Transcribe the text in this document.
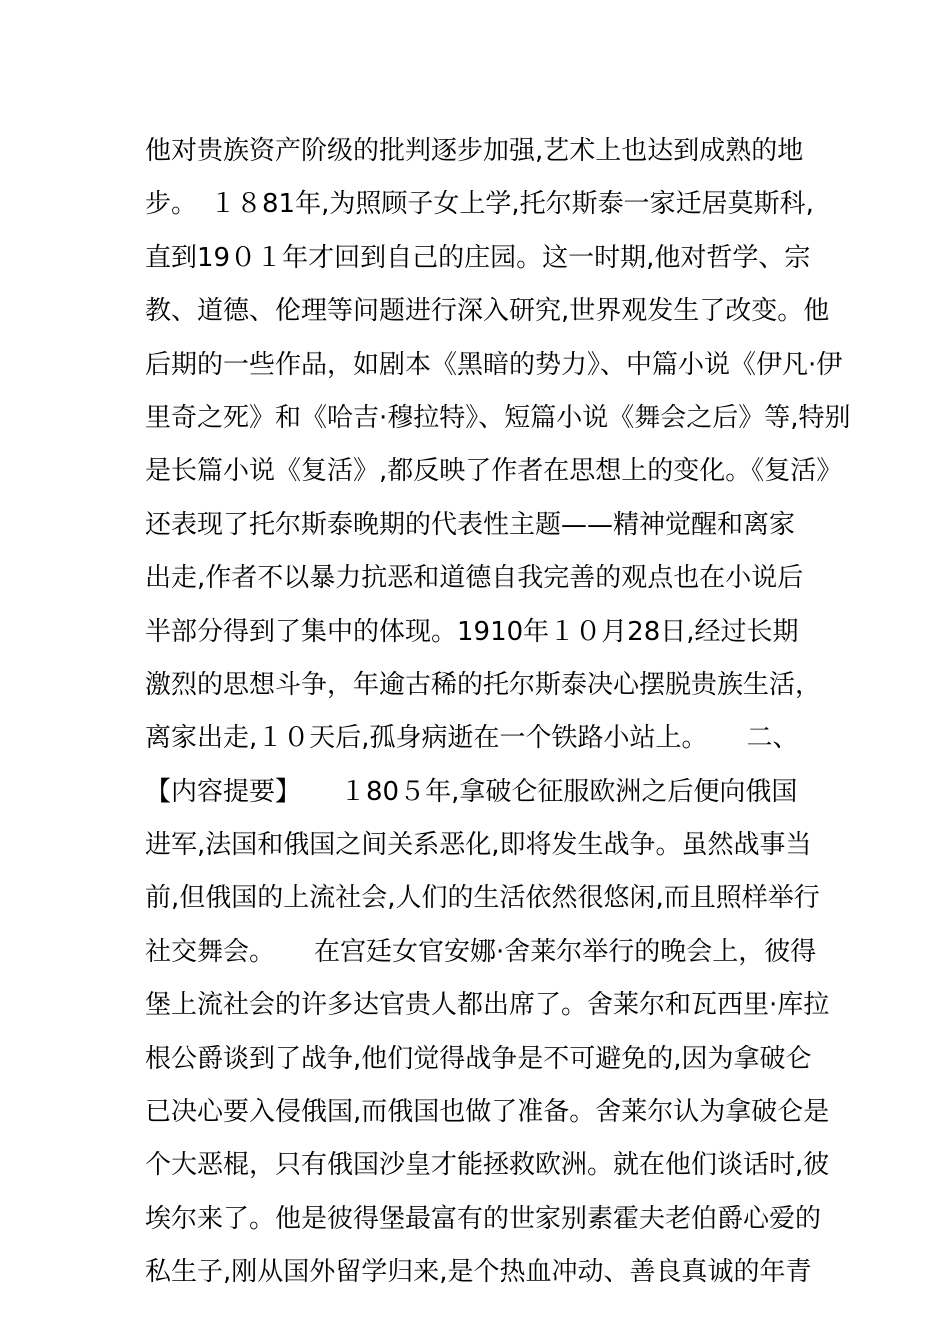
他对贵族资产阶级的批判逐步加强,艺术上也达到成熟的地
步。　１８81年,为照顾子女上学,托尔斯泰一家迁居莫斯科,
直到19０１年才回到自己的庄园。这一时期,他对哲学、宗
教、道德、伦理等问题进行深入研究,世界观发生了改变。他
后期的一些作品，如剧本《黑暗的势力》、中篇小说《伊凡·伊
里奇之死》和《哈吉·穆拉特》、短篇小说《舞会之后》等,特别
是长篇小说《复活》,都反映了作者在思想上的变化。《复活》
还表现了托尔斯泰晚期的代表性主题——精神觉醒和离家
出走,作者不以暴力抗恶和道德自我完善的观点也在小说后
半部分得到了集中的体现。1910年１０月28日,经过长期
激烈的思想斗争，年逾古稀的托尔斯泰决心摆脱贵族生活，
离家出走,１０天后,孤身病逝在一个铁路小站上。　　二、
【内容提要】　　１80５年,拿破仑征服欧洲之后便向俄国
进军,法国和俄国之间关系恶化,即将发生战争。虽然战事当
前,但俄国的上流社会,人们的生活依然很悠闲,而且照样举行
社交舞会。　　在宫廷女官安娜·舍莱尔举行的晚会上，彼得
堡上流社会的许多达官贵人都出席了。舍莱尔和瓦西里·库拉
根公爵谈到了战争,他们觉得战争是不可避免的,因为拿破仑
已决心要入侵俄国,而俄国也做了准备。舍莱尔认为拿破仑是
个大恶棍，只有俄国沙皇才能拯救欧洲。就在他们谈话时,彼
埃尔来了。他是彼得堡最富有的世家别素霍夫老伯爵心爱的
私生子,刚从国外留学归来,是个热血冲动、善良真诚的年青
